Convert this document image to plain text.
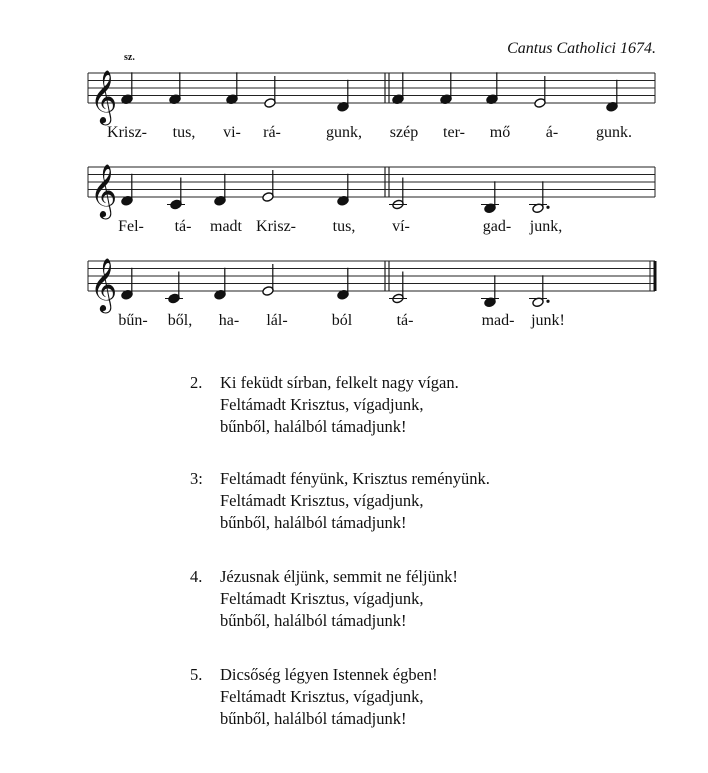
Cantus Catholici 1674.
sz.
𝄞
𝄞
𝄞
Krisz- tus, vi- rá-	gunk, szép ter- mő á- gunk.
Fel- tá- madt Krisz- tus, ví-	gad- junk,
bűn- ből, ha- lál-	ból	tá-	mad- junk!
2.	Ki feküdt sírban, felkelt nagy vígan.
Feltámadt Krisztus, vígadjunk,
bűnből, halálból támadjunk!
3:	Feltámadt fényünk, Krisztus reményünk.
Feltámadt Krisztus, vígadjunk,
bűnből, halálból támadjunk!
4.	Jézusnak éljünk, semmit ne féljünk!
Feltámadt Krisztus, vígadjunk,
bűnből, halálból támadjunk!
5.	Dicsőség légyen Istennek égben!
Feltámadt Krisztus, vígadjunk,
bűnből, halálból támadjunk!
